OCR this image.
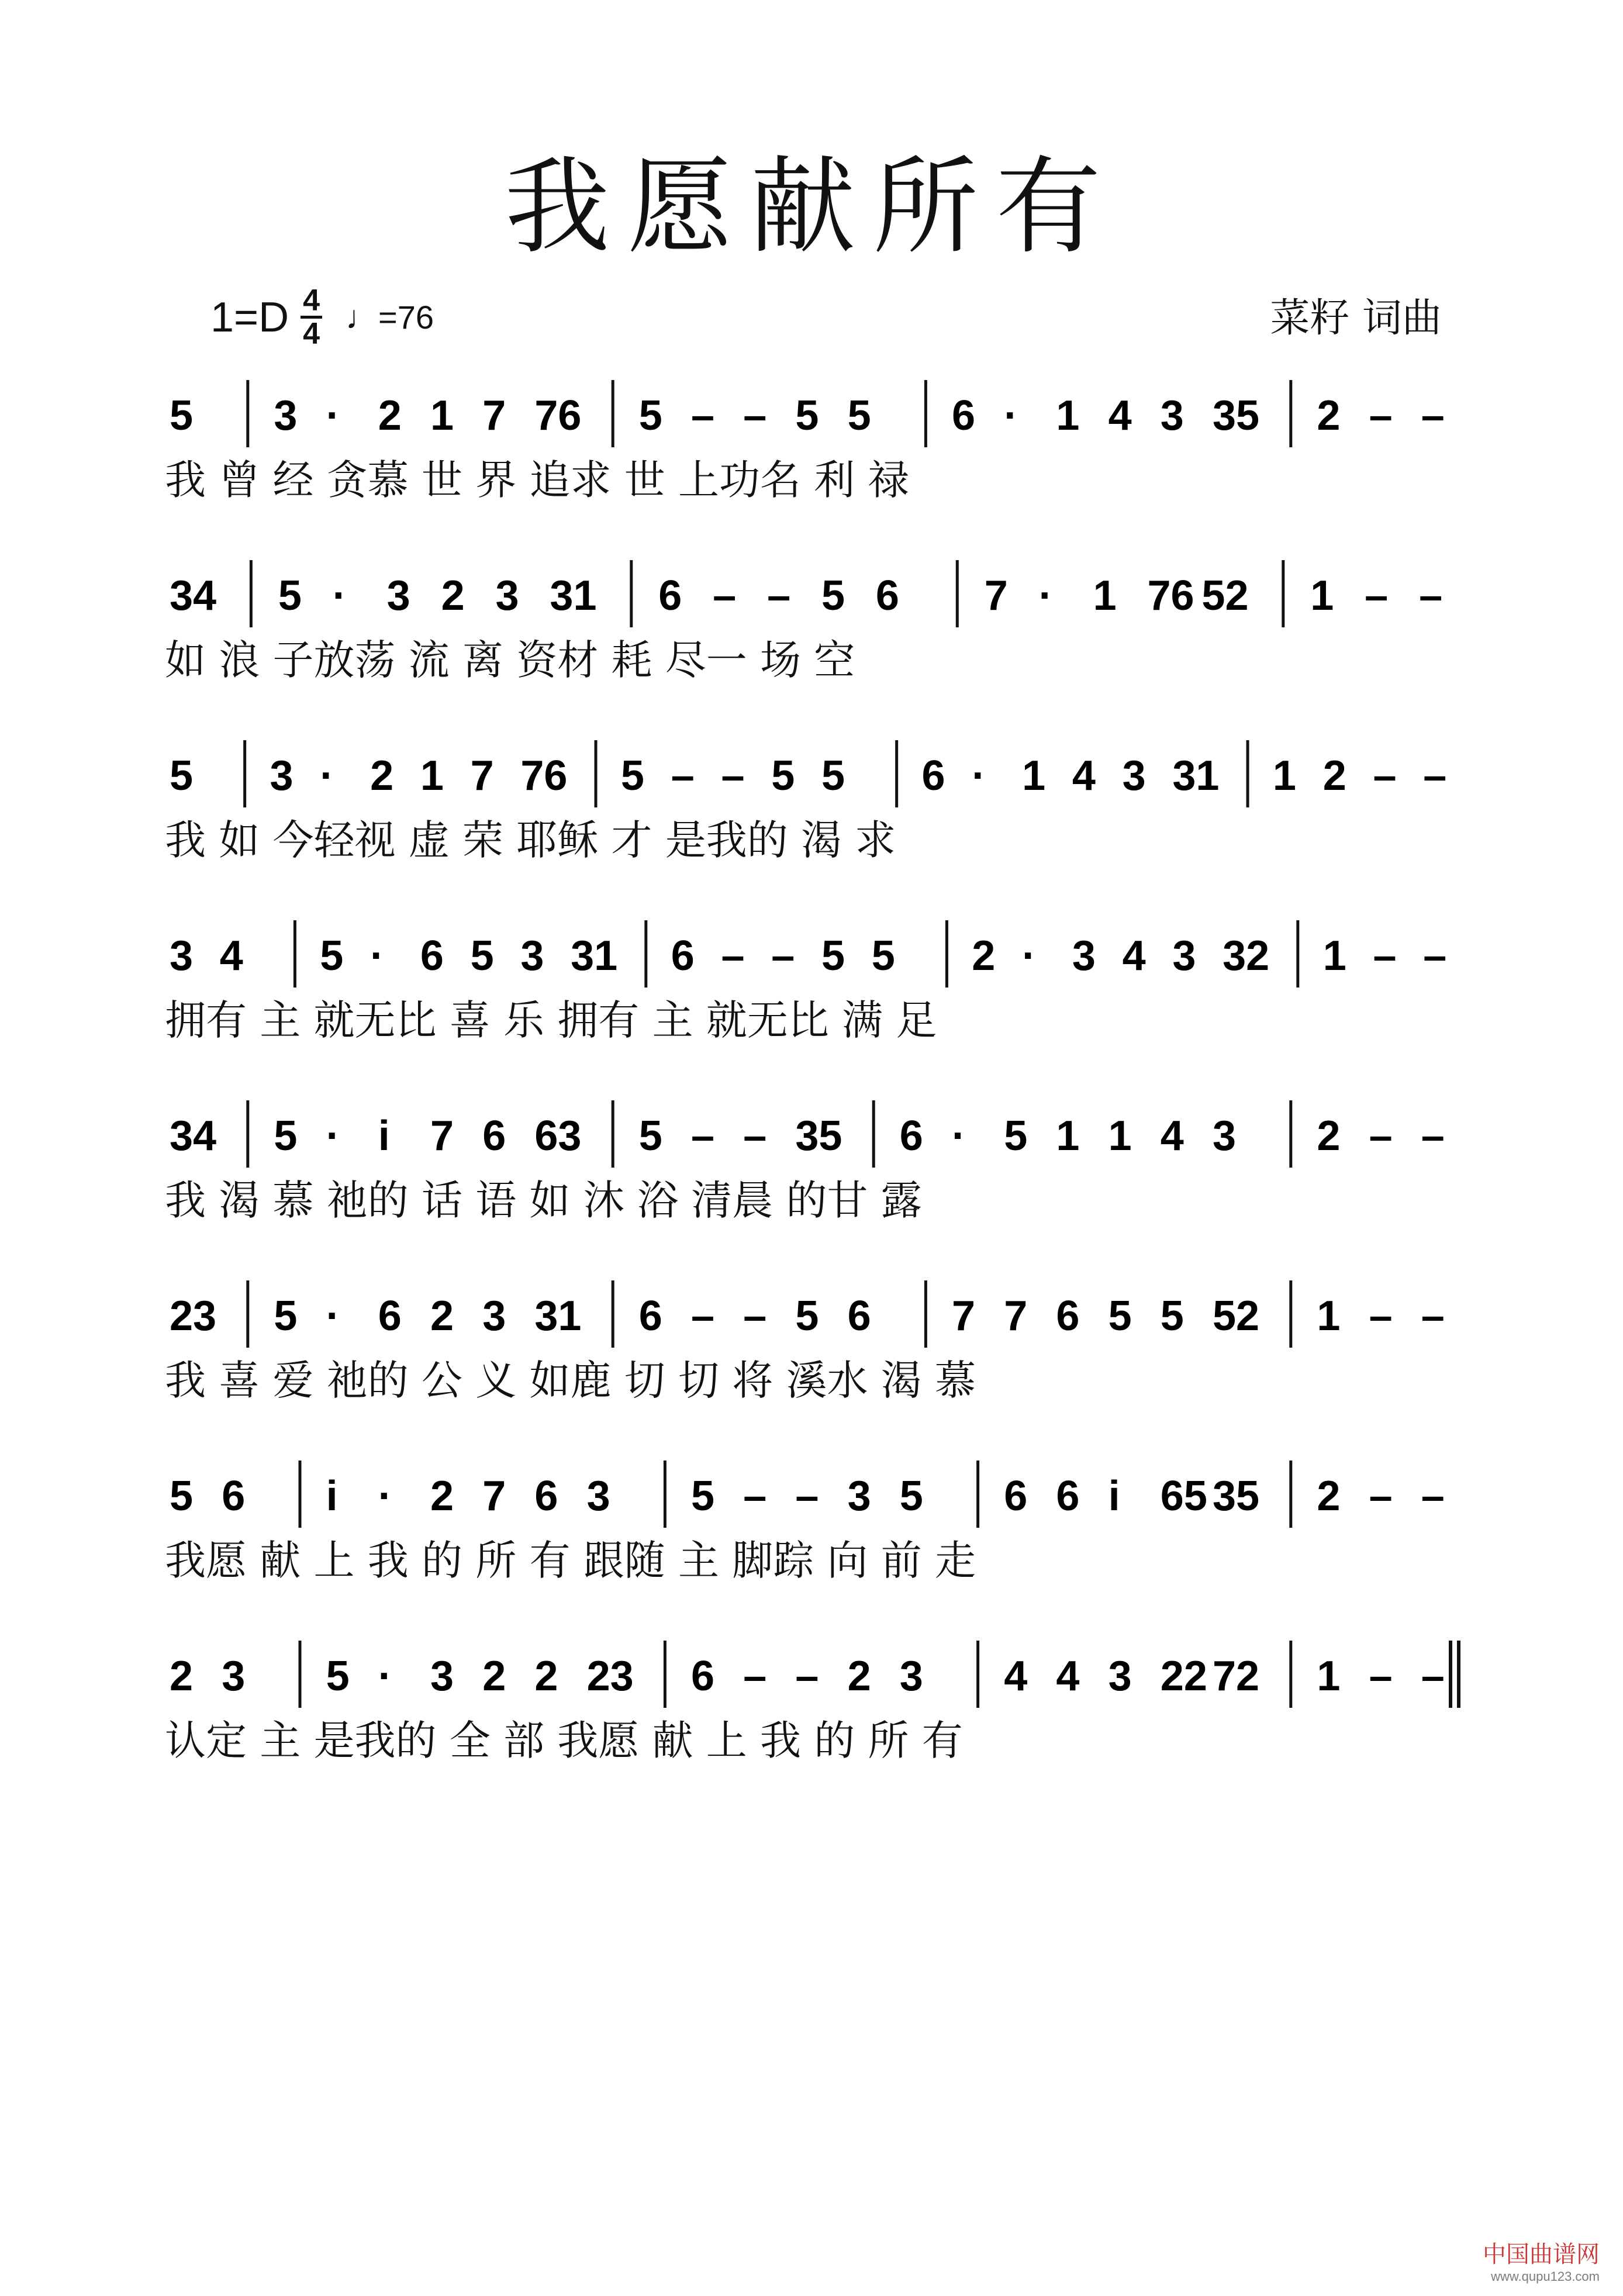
我愿献所有
1=D 4
4 ♩=76	菜籽 词曲
5 3 · 2 1 7 76 5 – – 5 5 6 · 1 4 3 35 2 – –
我 曾 经 贪慕 世 界 追求 世 上功名 利 禄
34 5 · 3 2 3 31 6 – – 5 6 7 · 1 76 52 1 – –
如 浪 子放荡 流 离 资材 耗 尽一 场 空
5 3 · 2 1 7 76 5 – – 5 5 6 · 1 4 3 31 1 2 – –
我 如 今轻视 虚 荣 耶稣 才 是我的 渴 求
3 4 5 · 6 5 3 31 6 – – 5 5 2 · 3 4 3 32 1 – –
拥有 主 就无比 喜 乐 拥有 主 就无比 满 足
34 5 · i 7 6 63 5 – – 35 6 · 5 1 1 4 3 2 – –
我 渴 慕 祂的 话 语 如 沐 浴 清晨 的甘 露
23 5 · 6 2 3 31 6 – – 5 6 7 7 6 5 5 52 1 – –
我 喜 爱 祂的 公 义 如鹿 切 切 将 溪水 渴 慕
5 6 i · 2 7 6 3 5 – – 3 5 6 6 i 65 35 2 – –
我愿 献 上 我 的 所 有 跟随 主 脚踪 向 前 走
2 3 5 · 3 2 2 23 6 – – 2 3 4 4 3 22 72 1 – –
认定 主 是我的 全 部 我愿 献 上 我 的 所 有
中国曲谱网
www.qupu123.com
